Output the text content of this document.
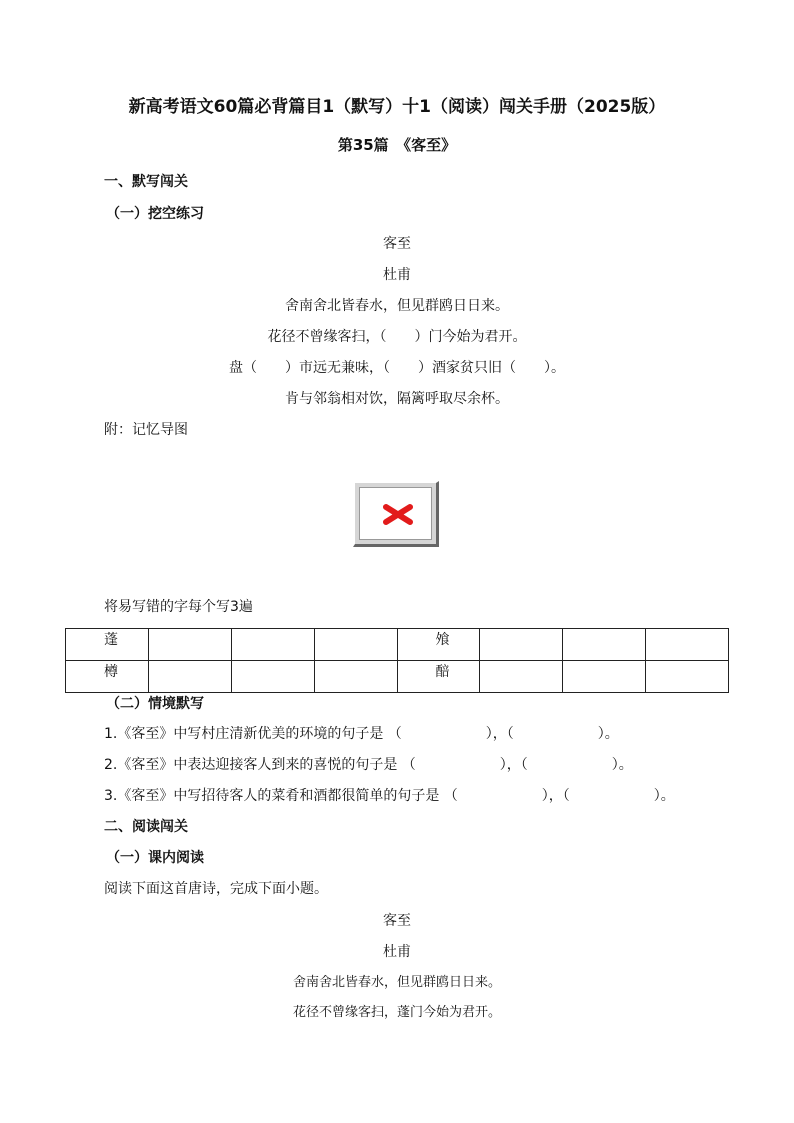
新高考语文60篇必背篇目1（默写）十1（阅读）闯关手册（2025版）
第35篇　《客至》
一、默写闯关
（一）挖空练习
客至
杜甫
舍南舍北皆春水，但见群鸥日日来。
花径不曾缘客扫，（　　）门今始为君开。
盘（　　）市远无兼味，（　　）酒家贫只旧（　　）。
肯与邻翁相对饮，隔篱呼取尽余杯。
附：记忆导图
将易写错的字每个写3遍
蓬				飧			
樽				醅			
（二）情境默写
1.《客至》中写村庄清新优美的环境的句子是 （　　　　　　），（　　　　　　）。
2.《客至》中表达迎接客人到来的喜悦的句子是 （　　　　　　），（　　　　　　）。
3.《客至》中写招待客人的菜肴和酒都很简单的句子是 （　　　　　　），（　　　　　　）。
二、阅读闯关
（一）课内阅读
阅读下面这首唐诗，完成下面小题。
客至
杜甫
舍南舍北皆春水，但见群鸥日日来。
花径不曾缘客扫，蓬门今始为君开。
